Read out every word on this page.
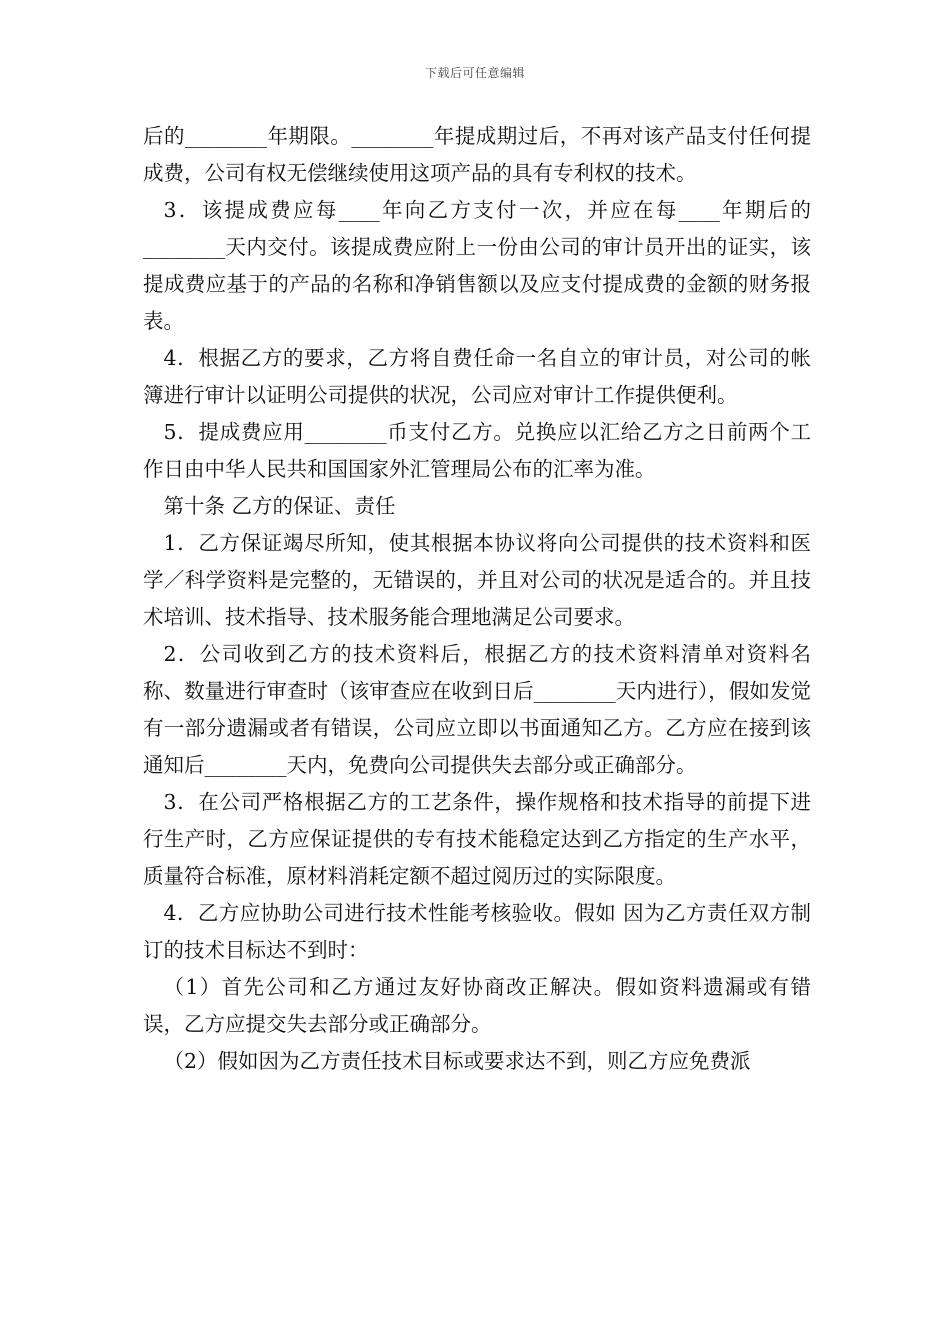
下载后可任意编辑

后的________年期限。________年提成期过后，不再对该产品支付任何提成费，公司有权无偿继续使用这项产品的具有专利权的技术。

3．该提成费应每____年向乙方支付一次，并应在每____年期后的________天内交付。该提成费应附上一份由公司的审计员开出的证实，该提成费应基于的产品的名称和净销售额以及应支付提成费的金额的财务报表。

4．根据乙方的要求，乙方将自费任命一名自立的审计员，对公司的帐簿进行审计以证明公司提供的状况，公司应对审计工作提供便利。

5．提成费应用________币支付乙方。兑换应以汇给乙方之日前两个工作日由中华人民共和国国家外汇管理局公布的汇率为准。

第十条 乙方的保证、责任

1．乙方保证竭尽所知，使其根据本协议将向公司提供的技术资料和医学／科学资料是完整的，无错误的，并且对公司的状况是适合的。并且技术培训、技术指导、技术服务能合理地满足公司要求。

2．公司收到乙方的技术资料后，根据乙方的技术资料清单对资料名称、数量进行审查时（该审查应在收到日后________天内进行），假如发觉有一部分遗漏或者有错误，公司应立即以书面通知乙方。乙方应在接到该通知后________天内，免费向公司提供失去部分或正确部分。

3．在公司严格根据乙方的工艺条件，操作规格和技术指导的前提下进行生产时，乙方应保证提供的专有技术能稳定达到乙方指定的生产水平，质量符合标准，原材料消耗定额不超过阅历过的实际限度。

4．乙方应协助公司进行技术性能考核验收。假如 因为乙方责任双方制订的技术目标达不到时：

（1）首先公司和乙方通过友好协商改正解决。假如资料遗漏或有错误，乙方应提交失去部分或正确部分。

（2）假如因为乙方责任技术目标或要求达不到，则乙方应免费派
